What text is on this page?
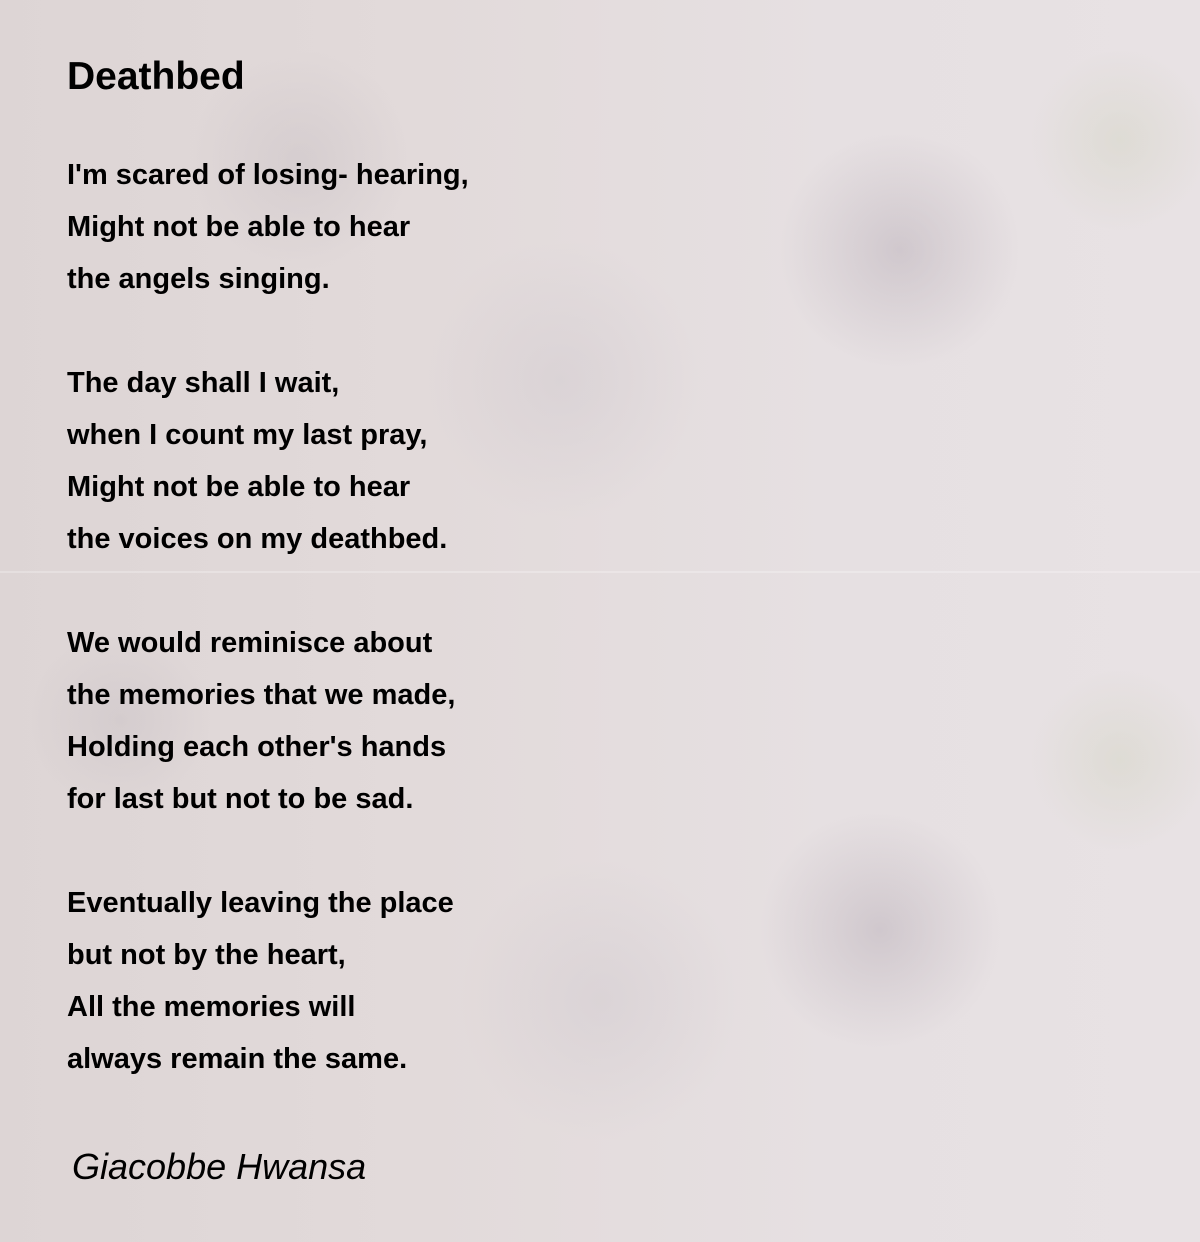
Deathbed
I'm scared of losing- hearing,
Might not be able to hear
the angels singing.
The day shall I wait,
when I count my last pray,
Might not be able to hear
the voices on my deathbed.
We would reminisce about
the memories that we made,
Holding each other's hands
for last but not to be sad.
Eventually leaving the place
but not by the heart,
All the memories will
always remain the same.

Giacobbe Hwansa
